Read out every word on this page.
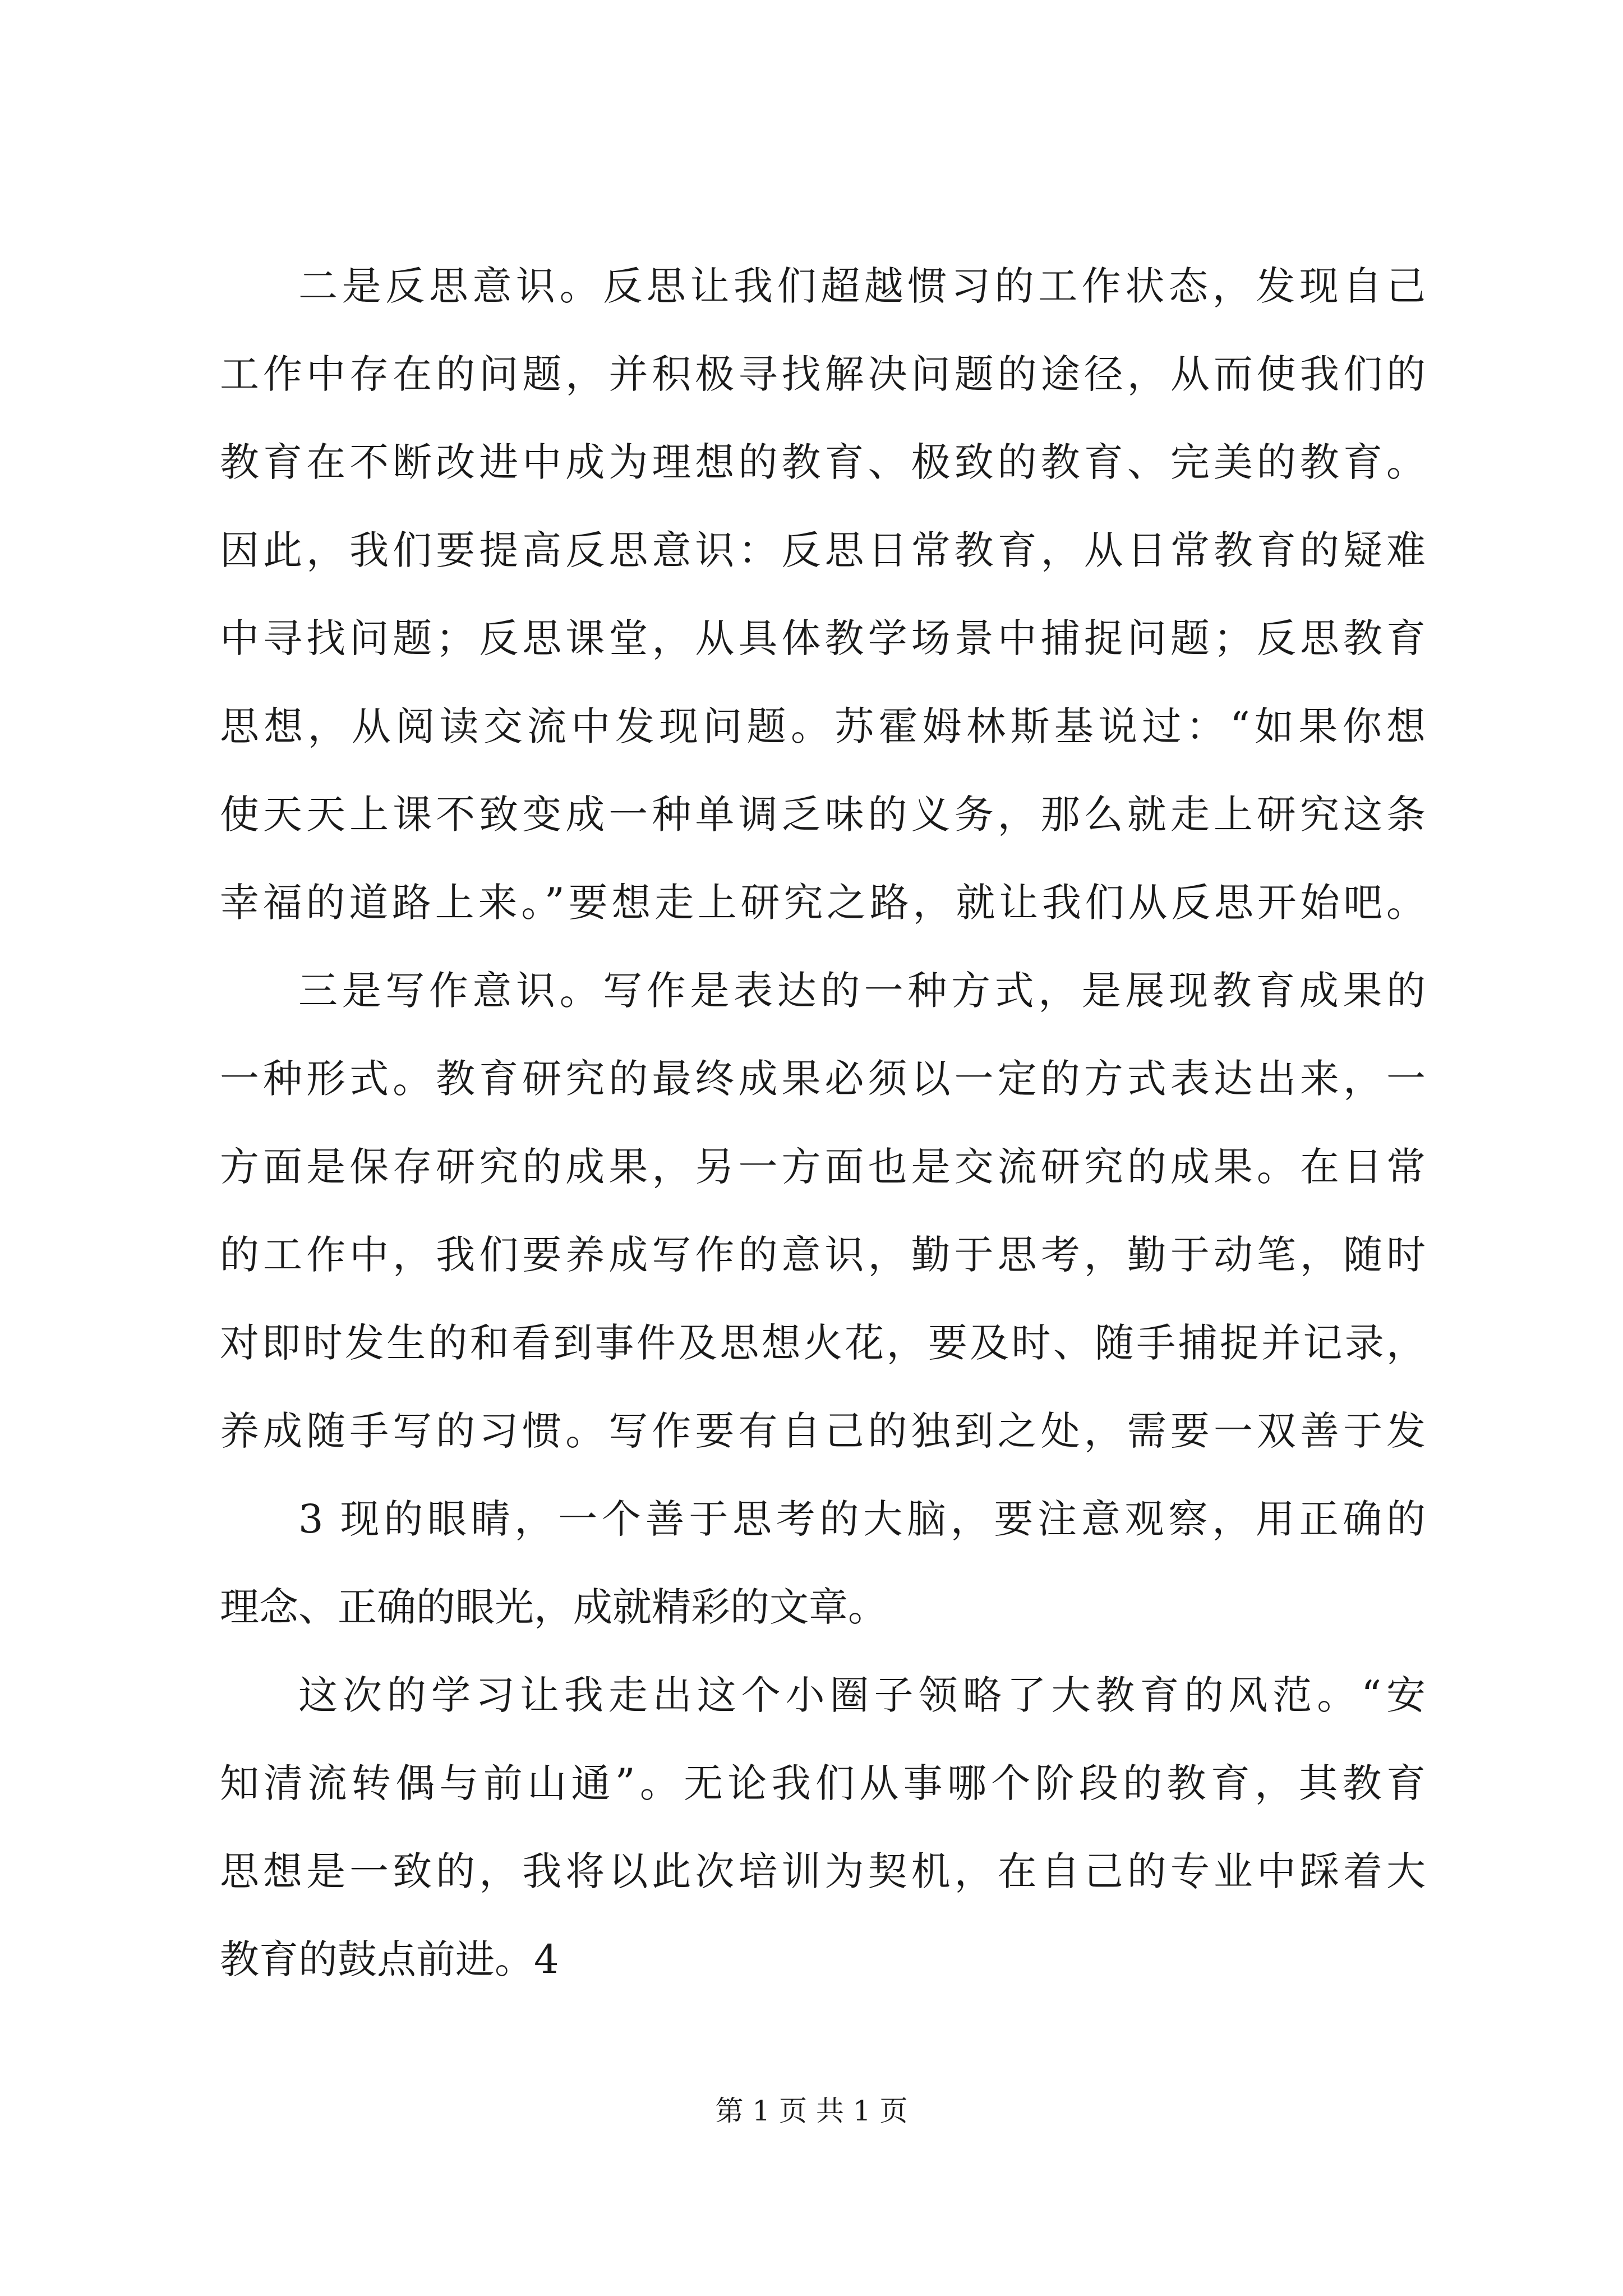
二是反思意识。反思让我们超越惯习的工作状态，发现自己
工作中存在的问题，并积极寻找解决问题的途径，从而使我们的
教育在不断改进中成为理想的教育、极致的教育、完美的教育。
因此，我们要提高反思意识：反思日常教育，从日常教育的疑难
中寻找问题；反思课堂，从具体教学场景中捕捉问题；反思教育
思想，从阅读交流中发现问题。苏霍姆林斯基说过：“如果你想
使天天上课不致变成一种单调乏味的义务，那么就走上研究这条
幸福的道路上来。”要想走上研究之路，就让我们从反思开始吧。
三是写作意识。写作是表达的一种方式，是展现教育成果的
一种形式。教育研究的最终成果必须以一定的方式表达出来，一
方面是保存研究的成果，另一方面也是交流研究的成果。在日常
的工作中，我们要养成写作的意识，勤于思考，勤于动笔，随时
对即时发生的和看到事件及思想火花，要及时、随手捕捉并记录，
养成随手写的习惯。写作要有自己的独到之处，需要一双善于发
3 现的眼睛，一个善于思考的大脑，要注意观察，用正确的
理念、正确的眼光，成就精彩的文章。
这次的学习让我走出这个小圈子领略了大教育的风范。“安
知清流转偶与前山通”。无论我们从事哪个阶段的教育，其教育
思想是一致的，我将以此次培训为契机，在自己的专业中踩着大
教育的鼓点前进。4
第 1 页 共 1 页
